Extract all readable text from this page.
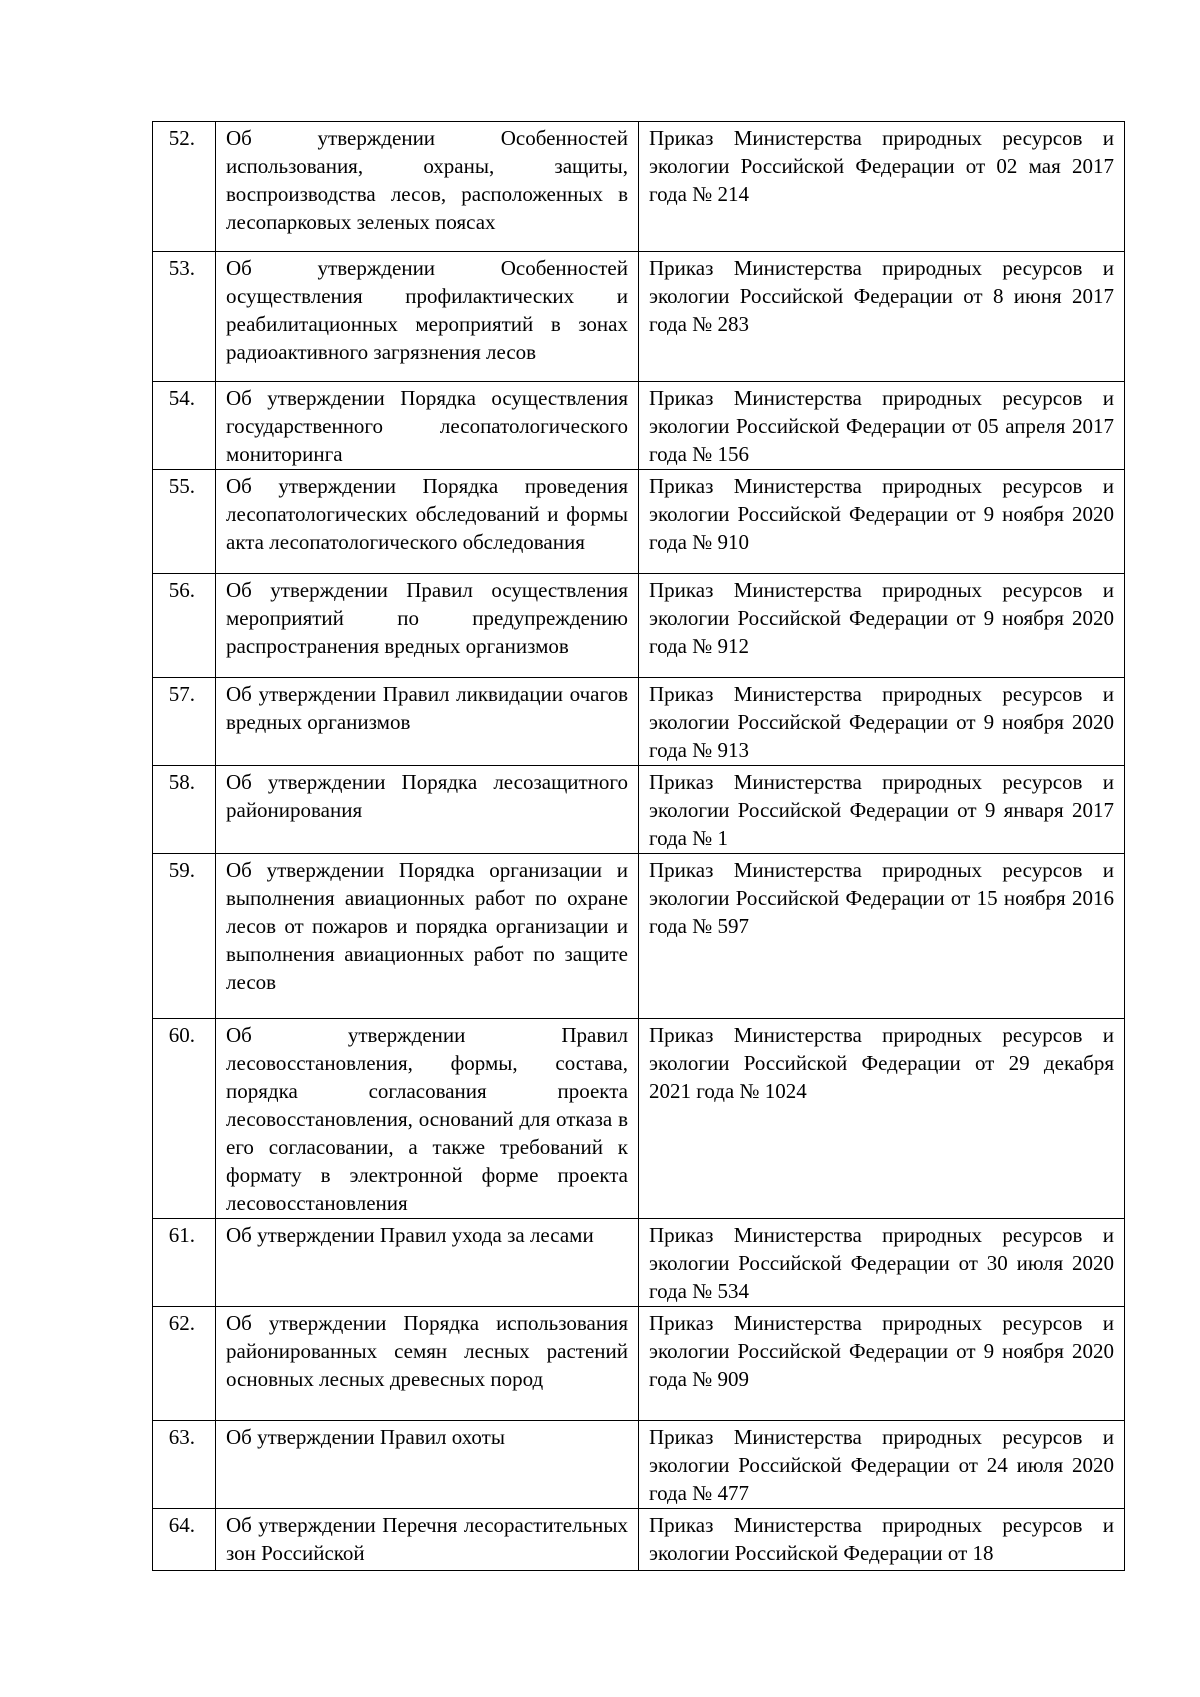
52.	Об утверждении Особенностей использования, охраны, защиты, воспроизводства лесов, расположенных в лесопарковых зеленых поясах	Приказ Министерства природных ресурсов и экологии Российской Федерации от 02 мая 2017 года № 214
53.	Об утверждении Особенностей осуществления профилактических и реабилитационных мероприятий в зонах радиоактивного загрязнения лесов	Приказ Министерства природных ресурсов и экологии Российской Федерации от 8 июня 2017 года № 283
54.	Об утверждении Порядка осуществления государственного лесопатологического мониторинга	Приказ Министерства природных ресурсов и экологии Российской Федерации от 05 апреля 2017 года № 156
55.	Об утверждении Порядка проведения лесопатологических обследований и формы акта лесопатологического обследования	Приказ Министерства природных ресурсов и экологии Российской Федерации от 9 ноября 2020 года № 910
56.	Об утверждении Правил осуществления мероприятий по предупреждению распространения вредных организмов	Приказ Министерства природных ресурсов и экологии Российской Федерации от 9 ноября 2020 года № 912
57.	Об утверждении Правил ликвидации очагов вредных организмов	Приказ Министерства природных ресурсов и экологии Российской Федерации от 9 ноября 2020 года № 913
58.	Об утверждении Порядка лесозащитного районирования	Приказ Министерства природных ресурсов и экологии Российской Федерации от 9 января 2017 года № 1
59.	Об утверждении Порядка организации и выполнения авиационных работ по охране лесов от пожаров и порядка организации и выполнения авиационных работ по защите лесов	Приказ Министерства природных ресурсов и экологии Российской Федерации от 15 ноября 2016 года № 597
60.	Об утверждении Правил лесовосстановления, формы, состава, порядка согласования проекта лесовосстановления, оснований для отказа в его согласовании, а также требований к формату в электронной форме проекта лесовосстановления	Приказ Министерства природных ресурсов и экологии Российской Федерации от 29 декабря 2021 года № 1024
61.	Об утверждении Правил ухода за лесами	Приказ Министерства природных ресурсов и экологии Российской Федерации от 30 июля 2020 года № 534
62.	Об утверждении Порядка использования районированных семян лесных растений основных лесных древесных пород	Приказ Министерства природных ресурсов и экологии Российской Федерации от 9 ноября 2020 года № 909
63.	Об утверждении Правил охоты	Приказ Министерства природных ресурсов и экологии Российской Федерации от 24 июля 2020 года № 477
64.	Об утверждении Перечня лесорастительных зон Российской	Приказ Министерства природных ресурсов и экологии Российской Федерации от 18
